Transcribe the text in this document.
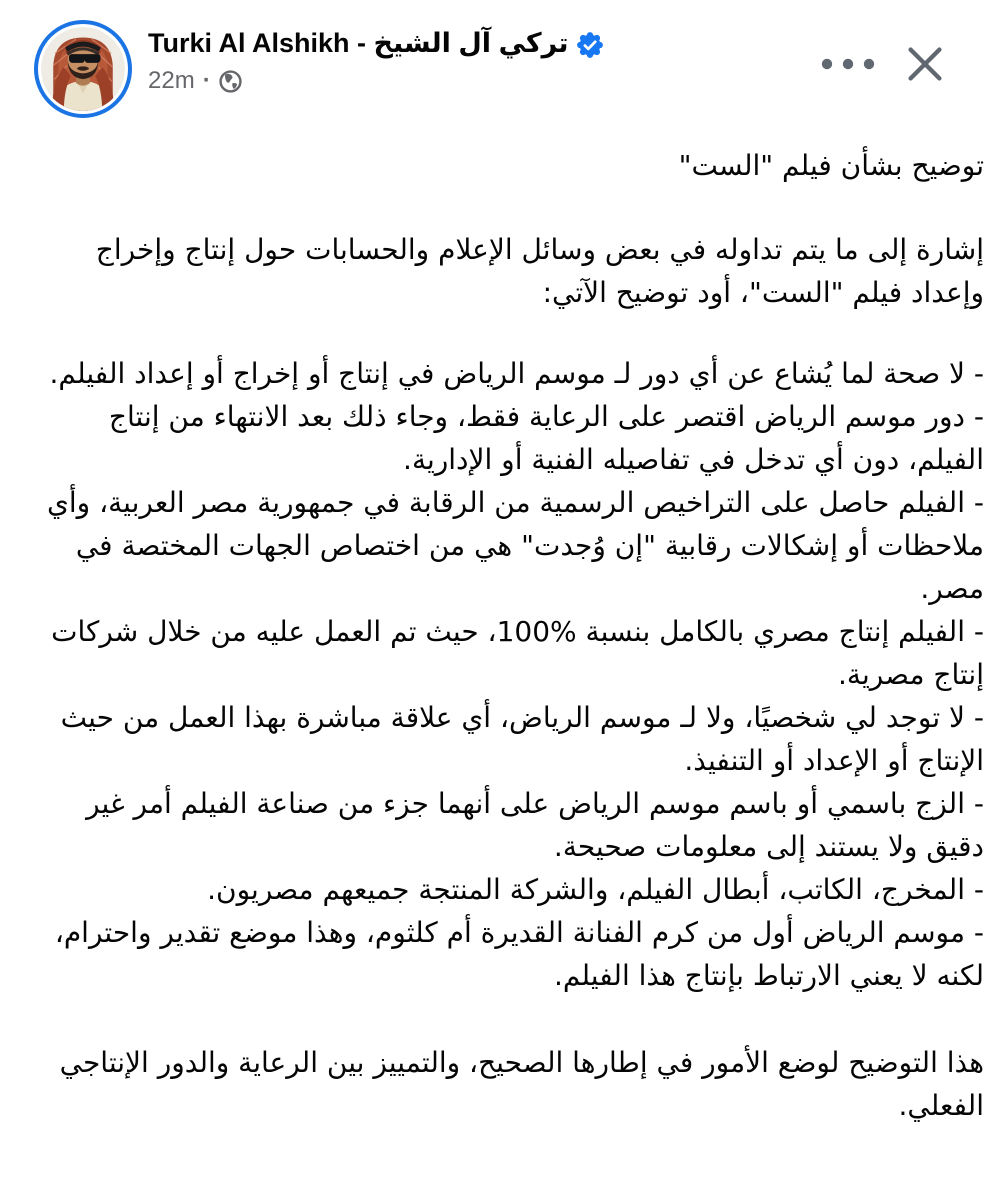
Turki Al Alshikh - تركي آل الشيخ
22m ·

توضيح بشأن فيلم "الست"

إشارة إلى ما يتم تداوله في بعض وسائل الإعلام والحسابات حول إنتاج وإخراج وإعداد فيلم "الست"، أود توضيح الآتي:

- لا صحة لما يُشاع عن أي دور لـ موسم الرياض في إنتاج أو إخراج أو إعداد الفيلم.

- دور موسم الرياض اقتصر على الرعاية فقط، وجاء ذلك بعد الانتهاء من إنتاج الفيلم، دون أي تدخل في تفاصيله الفنية أو الإدارية.

- الفيلم حاصل على التراخيص الرسمية من الرقابة في جمهورية مصر العربية، وأي ملاحظات أو إشكالات رقابية "إن وُجدت" هي من اختصاص الجهات المختصة في مصر.

- الفيلم إنتاج مصري بالكامل بنسبة %100، حيث تم العمل عليه من خلال شركات إنتاج مصرية.

- لا توجد لي شخصيًا، ولا لـ موسم الرياض، أي علاقة مباشرة بهذا العمل من حيث الإنتاج أو الإعداد أو التنفيذ.

- الزج باسمي أو باسم موسم الرياض على أنهما جزء من صناعة الفيلم أمر غير دقيق ولا يستند إلى معلومات صحيحة.

- المخرج، الكاتب، أبطال الفيلم، والشركة المنتجة جميعهم مصريون.

- موسم الرياض أول من كرم الفنانة القديرة أم كلثوم، وهذا موضع تقدير واحترام، لكنه لا يعني الارتباط بإنتاج هذا الفيلم.

هذا التوضيح لوضع الأمور في إطارها الصحيح، والتمييز بين الرعاية والدور الإنتاجي الفعلي.
